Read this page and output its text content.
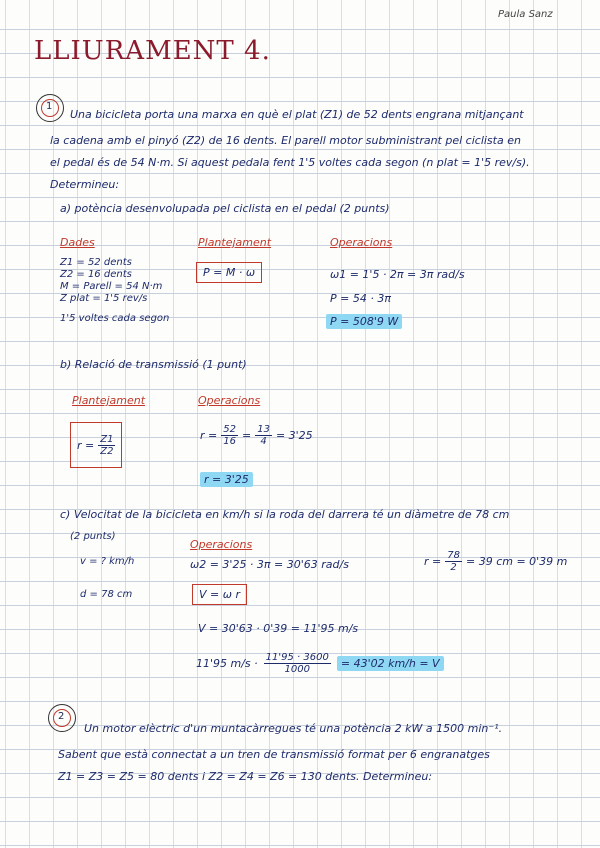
Paula Sanz
LLIURAMENT 4.
1
Una bicicleta porta una marxa en què el plat (Z1) de 52 dents engrana mitjançant
la cadena amb el pinyó (Z2) de 16 dents. El parell motor subministrant pel ciclista en
el pedal és de 54 N·m. Si aquest pedala fent 1'5 voltes cada segon (n plat = 1'5 rev/s).
Determineu:
a) potència desenvolupada pel ciclista en el pedal (2 punts)
Dades
Z1 = 52 dents
Z2 = 16 dents
M = Parell = 54 N·m
Z plat = 1'5 rev/s
1'5 voltes cada segon
Plantejament
P = M · ω
Operacions
ω1 = 1'5 · 2π = 3π rad/s
P = 54 · 3π
P = 508'9 W
b) Relació de transmissió (1 punt)
Plantejament
$r = \frac{Z1}{Z2}$
Operacions
$r = \frac{52}{16} = \frac{13}{4} = 3'25$
r = 3'25
c) Velocitat de la bicicleta en km/h si la roda del darrera té un diàmetre de 78 cm
(2 punts)
v = ? km/h
d = 78 cm
Operacions
ω2 = 3'25 · 3π = 30'63 rad/s	$r = \frac{78}{2} = 39$ cm = 0'39 m
V = ω r
V = 30'63 · 0'39 = 11'95 m/s
11'95 $m/s \cdot \frac{11'95 \cdot 3600}{1000} = 43'02$ km/h = V
2
Un motor elèctric d'un muntacàrregues té una potència 2 kW a 1500 min⁻¹.
Sabent que està connectat a un tren de transmissió format per 6 engranatges
Z1 = Z3 = Z5 = 80 dents i Z2 = Z4 = Z6 = 130 dents. Determineu:
